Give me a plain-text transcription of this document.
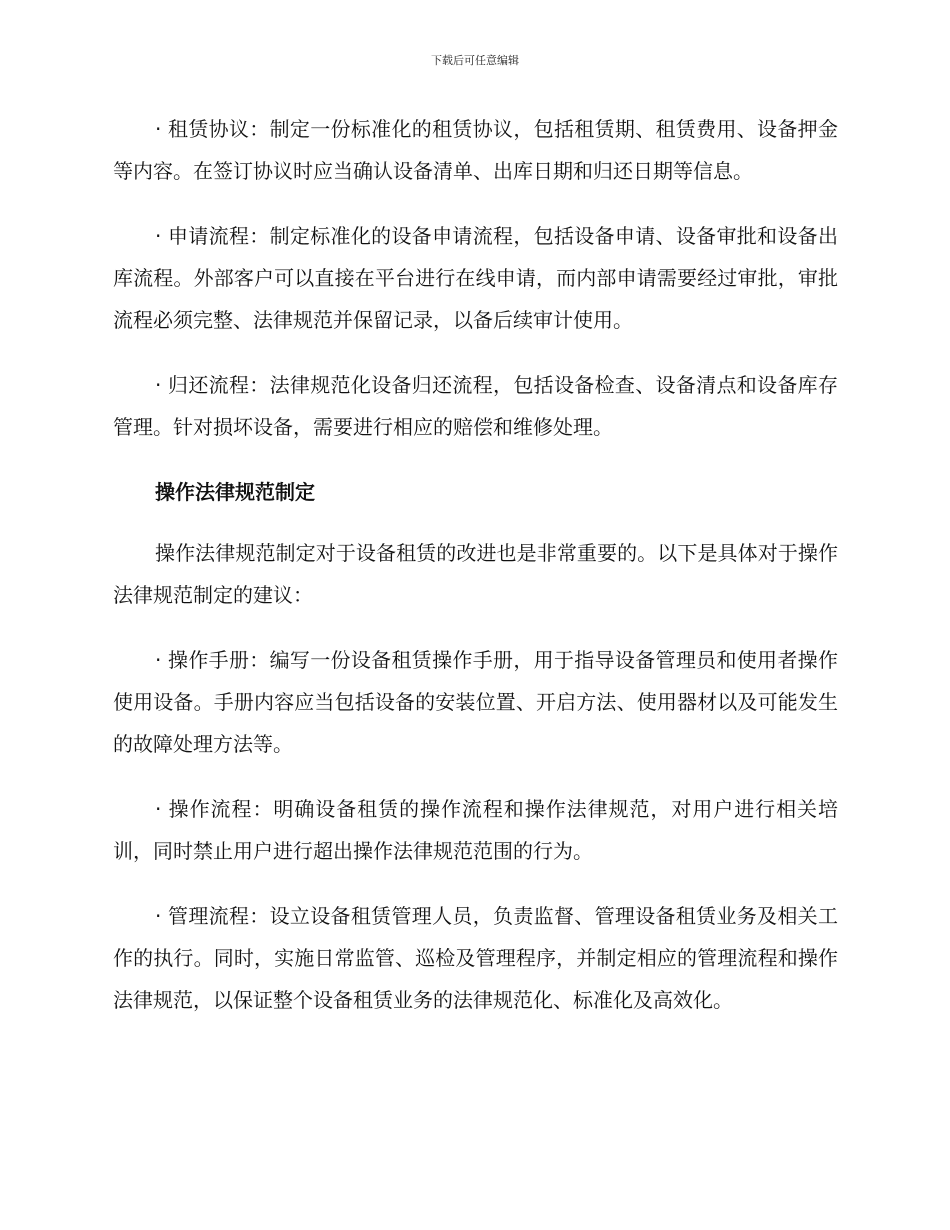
下载后可任意编辑

· 租赁协议：制定一份标准化的租赁协议，包括租赁期、租赁费用、设备押金等内容。在签订协议时应当确认设备清单、出库日期和归还日期等信息。

· 申请流程：制定标准化的设备申请流程，包括设备申请、设备审批和设备出库流程。外部客户可以直接在平台进行在线申请，而内部申请需要经过审批，审批流程必须完整、法律规范并保留记录，以备后续审计使用。

· 归还流程：法律规范化设备归还流程，包括设备检查、设备清点和设备库存管理。针对损坏设备，需要进行相应的赔偿和维修处理。

操作法律规范制定

操作法律规范制定对于设备租赁的改进也是非常重要的。以下是具体对于操作法律规范制定的建议：

· 操作手册：编写一份设备租赁操作手册，用于指导设备管理员和使用者操作使用设备。手册内容应当包括设备的安装位置、开启方法、使用器材以及可能发生的故障处理方法等。

· 操作流程：明确设备租赁的操作流程和操作法律规范，对用户进行相关培训，同时禁止用户进行超出操作法律规范范围的行为。

· 管理流程：设立设备租赁管理人员，负责监督、管理设备租赁业务及相关工作的执行。同时，实施日常监管、巡检及管理程序，并制定相应的管理流程和操作法律规范，以保证整个设备租赁业务的法律规范化、标准化及高效化。
